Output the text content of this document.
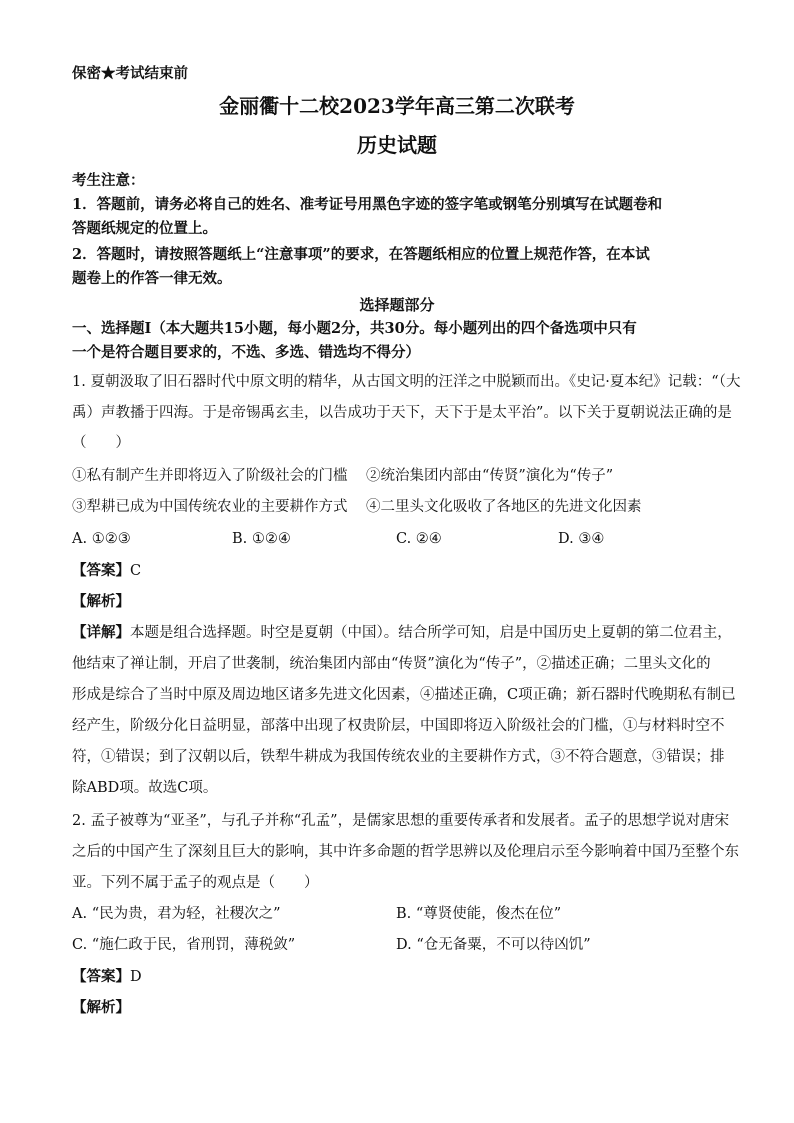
保密★考试结束前
金丽衢十二校2023学年高三第二次联考
历史试题
考生注意：
1．答题前，请务必将自己的姓名、准考证号用黑色字迹的签字笔或钢笔分别填写在试题卷和
答题纸规定的位置上。
2．答题时，请按照答题纸上“注意事项”的要求，在答题纸相应的位置上规范作答，在本试
题卷上的作答一律无效。
选择题部分
一、选择题Ⅰ（本大题共15小题，每小题2分，共30分。每小题列出的四个备选项中只有
一个是符合题目要求的，不选、多选、错选均不得分）
1. 夏朝汲取了旧石器时代中原文明的精华，从古国文明的汪洋之中脱颖而出。《史记·夏本纪》记载：“（大
禹）声教播于四海。于是帝锡禹玄圭，以告成功于天下，天下于是太平治”。以下关于夏朝说法正确的是
（　　）
①私有制产生并即将迈入了阶级社会的门槛 ②统治集团内部由“传贤”演化为“传子”
③犁耕已成为中国传统农业的主要耕作方式 ④二里头文化吸收了各地区的先进文化因素
A. ①②③	B. ①②④	C. ②④	D. ③④
【答案】C
【解析】
【详解】本题是组合选择题。时空是夏朝（中国）。结合所学可知，启是中国历史上夏朝的第二位君主，
他结束了禅让制，开启了世袭制，统治集团内部由“传贤”演化为“传子”，②描述正确；二里头文化的
形成是综合了当时中原及周边地区诸多先进文化因素，④描述正确，C项正确；新石器时代晚期私有制已
经产生，阶级分化日益明显，部落中出现了权贵阶层，中国即将迈入阶级社会的门槛，①与材料时空不
符，①错误；到了汉朝以后，铁犁牛耕成为我国传统农业的主要耕作方式，③不符合题意，③错误；排
除ABD项。故选C项。
2. 孟子被尊为“亚圣”，与孔子并称“孔孟”，是儒家思想的重要传承者和发展者。孟子的思想学说对唐宋
之后的中国产生了深刻且巨大的影响，其中许多命题的哲学思辨以及伦理启示至今影响着中国乃至整个东
亚。下列不属于孟子的观点是（　　）
A. “民为贵，君为轻，社稷次之”	B. “尊贤使能，俊杰在位”
C. “施仁政于民，省刑罚，薄税敛”	D. “仓无备粟，不可以待凶饥”
【答案】D
【解析】
